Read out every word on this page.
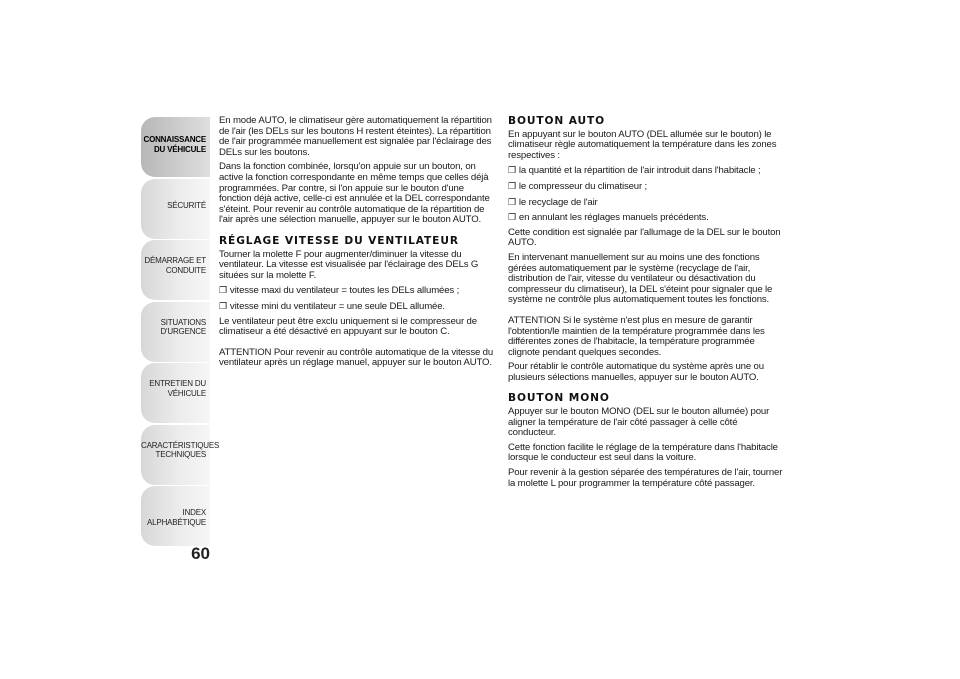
CONNAISSANCE
DU VÉHICULE
SÉCURITÉ
DÉMARRAGE ET
CONDUITE
SITUATIONS
D'URGENCE
ENTRETIEN DU
VÉHICULE
CARACTÉRISTIQUES
TECHNIQUES
INDEX
ALPHABÉTIQUE
60

En mode AUTO, le climatiseur gère automatiquement la répartition de l'air (les DELs sur les boutons H restent éteintes). La répartition de l'air programmée manuellement est signalée par l'éclairage des DELs sur les boutons.

Dans la fonction combinée, lorsqu'on appuie sur un bouton, on active la fonction correspondante en même temps que celles déjà programmées. Par contre, si l'on appuie sur le bouton d'une fonction déjà active, celle-ci est annulée et la DEL correspondante s'éteint. Pour revenir au contrôle automatique de la répartition de l'air après une sélection manuelle, appuyer sur le bouton AUTO.

RÉGLAGE VITESSE DU VENTILATEUR

Tourner la molette F pour augmenter/diminuer la vitesse du ventilateur. La vitesse est visualisée par l'éclairage des DELs G situées sur la molette F.

❒ vitesse maxi du ventilateur = toutes les DELs allumées ;
❒ vitesse mini du ventilateur = une seule DEL allumée.

Le ventilateur peut être exclu uniquement si le compresseur de climatiseur a été désactivé en appuyant sur le bouton C.

ATTENTION Pour revenir au contrôle automatique de la vitesse du ventilateur après un réglage manuel, appuyer sur le bouton AUTO.

BOUTON AUTO

En appuyant sur le bouton AUTO (DEL allumée sur le bouton) le climatiseur règle automatiquement la température dans les zones respectives :

❒ la quantité et la répartition de l'air introduit dans l'habitacle ;
❒ le compresseur du climatiseur ;
❒ le recyclage de l'air
❒ en annulant les réglages manuels précédents.

Cette condition est signalée par l'allumage de la DEL sur le bouton AUTO.

En intervenant manuellement sur au moins une des fonctions gérées automatiquement par le système (recyclage de l'air, distribution de l'air, vitesse du ventilateur ou désactivation du compresseur du climatiseur), la DEL s'éteint pour signaler que le système ne contrôle plus automatiquement toutes les fonctions.

ATTENTION Si le système n'est plus en mesure de garantir l'obtention/le maintien de la température programmée dans les différentes zones de l'habitacle, la température programmée clignote pendant quelques secondes.

Pour rétablir le contrôle automatique du système après une ou plusieurs sélections manuelles, appuyer sur le bouton AUTO.

BOUTON MONO

Appuyer sur le bouton MONO (DEL sur le bouton allumée) pour aligner la température de l'air côté passager à celle côté conducteur.

Cette fonction facilite le réglage de la température dans l'habitacle lorsque le conducteur est seul dans la voiture.

Pour revenir à la gestion séparée des températures de l'air, tourner la molette L pour programmer la température côté passager.
